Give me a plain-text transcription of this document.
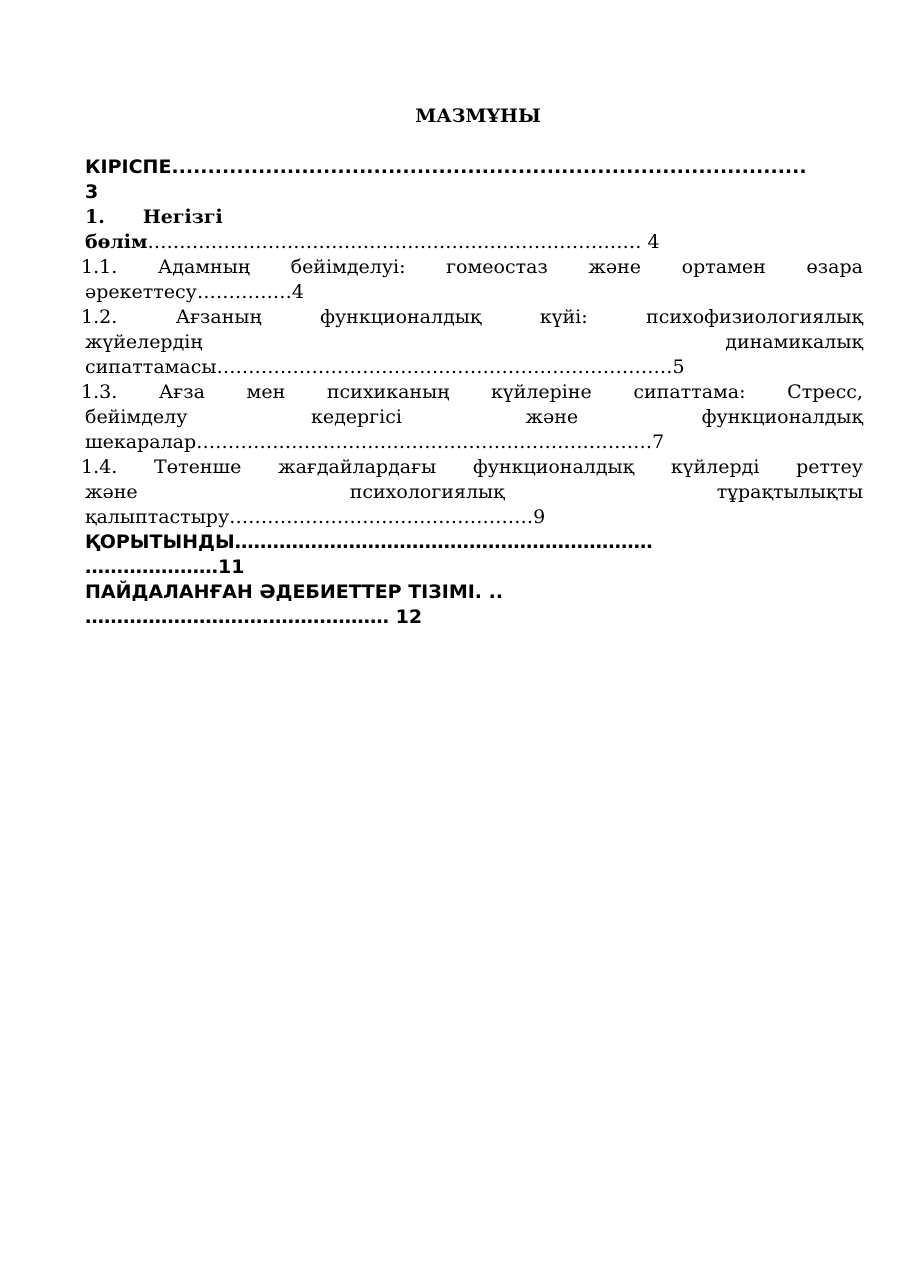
МАЗМҰНЫ
КІРІСПЕ........................................................................................
3
1. Негізгі
бөлім…………………………………………………………………… 4
1.1. Адамның бейімделуі: гомеостаз және ортамен өзара
әрекеттесу……………4
1.2.	Ағзаның	функционалдық	күйі:	психофизиологиялық
жүйелердің	динамикалық
сипаттамасы………………………………………………………………5
1.3. Ағза мен психиканың күйлеріне сипаттама: Стресс,
бейімделу	кедергісі	және	функционалдық
шекаралар………………………………………………………………7
1.4. Төтенше жағдайлардағы функционалдық күйлерді реттеу
және	психологиялық	тұрақтылықты
қалыптастыру…………………………………………9
ҚОРЫТЫНДЫ…………………………………………………………
…………………11
ПАЙДАЛАНҒАН ӘДЕБИЕТТЕР ТІЗІМІ. ..
………………………………………… 12
